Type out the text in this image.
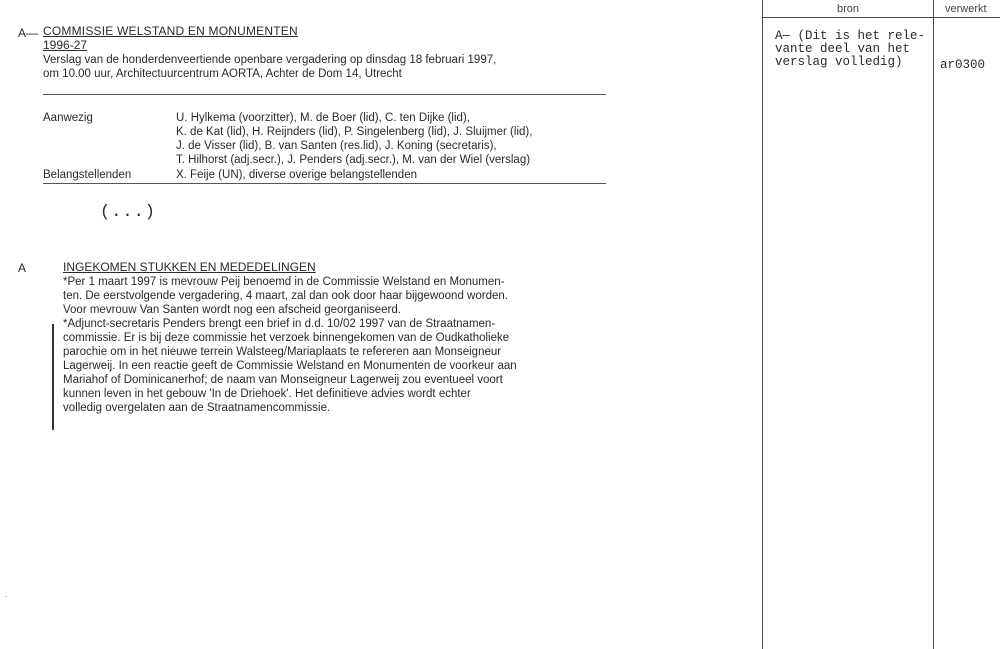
A— COMMISSIE WELSTAND EN MONUMENTEN
1996-27
Verslag van de honderdenveertiende openbare vergadering op dinsdag 18 februari 1997,
om 10.00 uur, Architectuurcentrum AORTA, Achter de Dom 14, Utrecht
Aanwezig	U. Hylkema (voorzitter), M. de Boer (lid), C. ten Dijke (lid),
K. de Kat (lid), H. Reijnders (lid), P. Singelenberg (lid), J. Sluijmer (lid),
J. de Visser (lid), B. van Santen (res.lid), J. Koning (secretaris),
T. Hilhorst (adj.secr.), J. Penders (adj.secr.), M. van der Wiel (verslag)
Belangstellenden	X. Feije (UN), diverse overige belangstellenden
(...)
A	INGEKOMEN STUKKEN EN MEDEDELINGEN
*Per 1 maart 1997 is mevrouw Peij benoemd in de Commissie Welstand en Monumen-
ten. De eerstvolgende vergadering, 4 maart, zal dan ook door haar bijgewoond worden.
Voor mevrouw Van Santen wordt nog een afscheid georganiseerd.
*Adjunct-secretaris Penders brengt een brief in d.d. 10/02 1997 van de Straatnamen-
commissie. Er is bij deze commissie het verzoek binnengekomen van de Oudkatholieke
parochie om in het nieuwe terrein Walsteeg/Mariaplaats te refereren aan Monseigneur
Lagerweij. In een reactie geeft de Commissie Welstand en Monumenten de voorkeur aan
Mariahof of Dominicanerhof; de naam van Monseigneur Lagerweij zou eventueel voort
kunnen leven in het gebouw 'In de Driehoek'. Het definitieve advies wordt echter
volledig overgelaten aan de Straatnamencommissie.
bron	verwerkt
A— (Dit is het rele-
vante deel van het
verslag volledig)	ar0300
.
